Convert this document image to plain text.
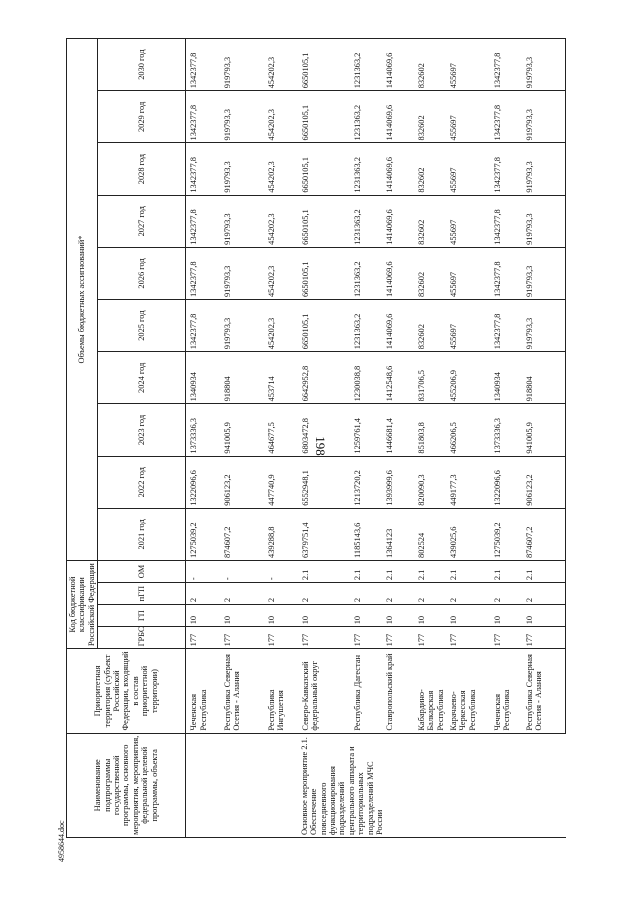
198
4958644.doc
Наименование подпрограммы государственной программы, основного мероприятия, мероприятия, федеральной целевой программы, объекта	Приоритетная территория (субъект Российской Федерации, входящий в состав приоритетной территории)	Код бюджетной классификации Российской Федерации				Объемы бюджетных ассигнований*									
		ГРБС	ГП	пГП	ОМ	2021 год	2022 год	2023 год	2024 год	2025 год	2026 год	2027 год	2028 год	2029 год	2030 год
	Чеченская Республика	177	10	2	-	1275039,2	1322096,6	1373336,3	1340934	1342377,8	1342377,8	1342377,8	1342377,8	1342377,8	1342377,8
	Республика Северная Осетия - Алания	177	10	2	-	874607,2	906123,2	941005,9	918804	919793,3	919793,3	919793,3	919793,3	919793,3	919793,3
	Республика Ингушетия	177	10	2	-	439288,8	447740,9	464677,5	453714	454202,3	454202,3	454202,3	454202,3	454202,3	454202,3
Основное мероприятие 2.1. Обеспечение повседневного функционирования подразделений центрального аппарата и территориальных подразделений МЧС России	Северо-Кавказский федеральный округ	177	10	2	2.1	6379751,4	6552948,1	6803472,8	6642952,8	6650105,1	6650105,1	6650105,1	6650105,1	6650105,1	6650105,1
	Республика Дагестан	177	10	2	2.1	1185143,6	1213720,2	1259761,4	1230038,8	1231363,2	1231363,2	1231363,2	1231363,2	1231363,2	1231363,2
	Ставропольский край	177	10	2	2.1	1364123	1393999,6	1446681,4	1412548,6	1414069,6	1414069,6	1414069,6	1414069,6	1414069,6	1414069,6
	Кабардино-Балкарская Республика	177	10	2	2.1	802524	820090,3	851803,8	831706,5	832602	832602	832602	832602	832602	832602
	Карачаево-Черкесская Республика	177	10	2	2.1	439025,6	449177,3	466206,5	455206,9	455697	455697	455697	455697	455697	455697
	Чеченская Республика	177	10	2	2.1	1275039,2	1322096,6	1373336,3	1340934	1342377,8	1342377,8	1342377,8	1342377,8	1342377,8	1342377,8
	Республика Северная Осетия - Алания	177	10	2	2.1	874607,2	906123,2	941005,9	918804	919793,3	919793,3	919793,3	919793,3	919793,3	919793,3
